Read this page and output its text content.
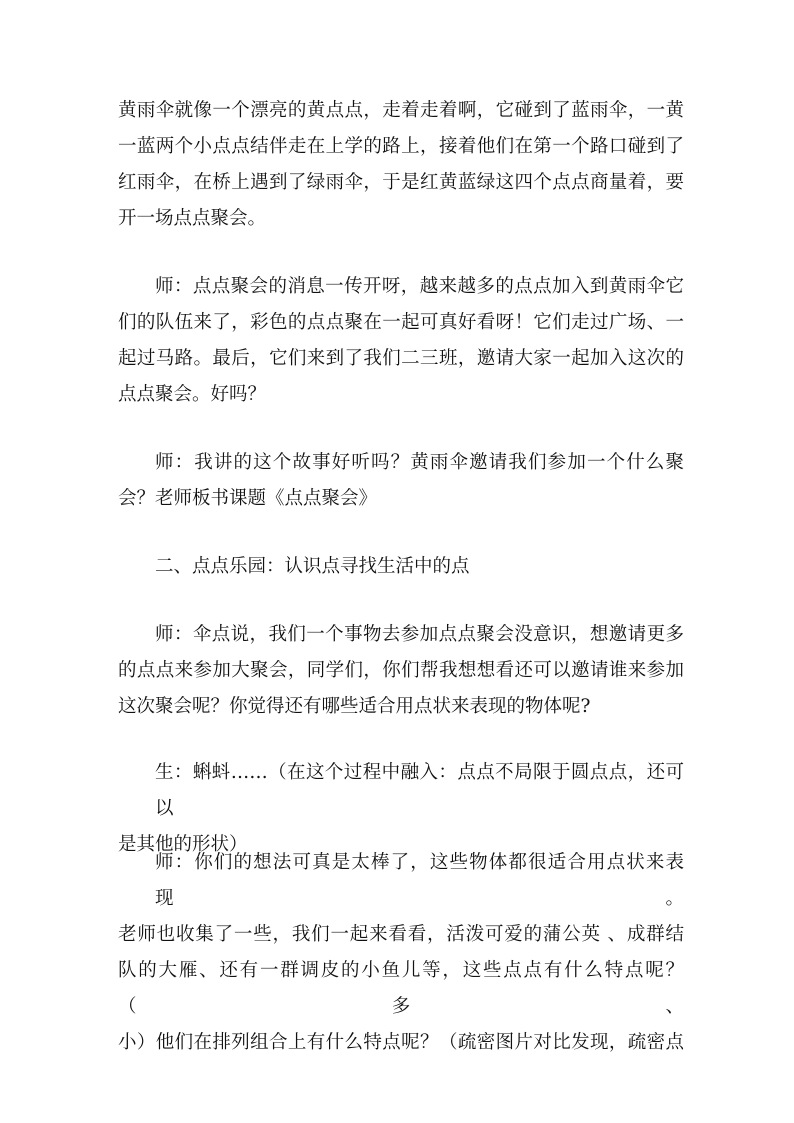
黄雨伞就像一个漂亮的黄点点，走着走着啊，它碰到了蓝雨伞，一黄
一蓝两个小点点结伴走在上学的路上，接着他们在第一个路口碰到了
红雨伞，在桥上遇到了绿雨伞，于是红黄蓝绿这四个点点商量着，要
开一场点点聚会。
师：点点聚会的消息一传开呀，越来越多的点点加入到黄雨伞它
们的队伍来了，彩色的点点聚在一起可真好看呀！它们走过广场、一
起过马路。最后，它们来到了我们二三班，邀请大家一起加入这次的
点点聚会。好吗？
师：我讲的这个故事好听吗？黄雨伞邀请我们参加一个什么聚
会？老师板书课题《点点聚会》
二、点点乐园：认识点寻找生活中的点
师：伞点说，我们一个事物去参加点点聚会没意识，想邀请更多
的点点来参加大聚会，同学们，你们帮我想想看还可以邀请谁来参加
这次聚会呢？你觉得还有哪些适合用点状来表现的物体呢?
生：蝌蚪……（在这个过程中融入：点点不局限于圆点点，还可以
是其他的形状）
师：你们的想法可真是太棒了，这些物体都很适合用点状来表现。
老师也收集了一些，我们一起来看看，活泼可爱的蒲公英 、成群结
队的大雁、还有一群调皮的小鱼儿等，这些点点有什么特点呢？（多、
小）他们在排列组合上有什么特点呢？（疏密图片对比发现，疏密点
